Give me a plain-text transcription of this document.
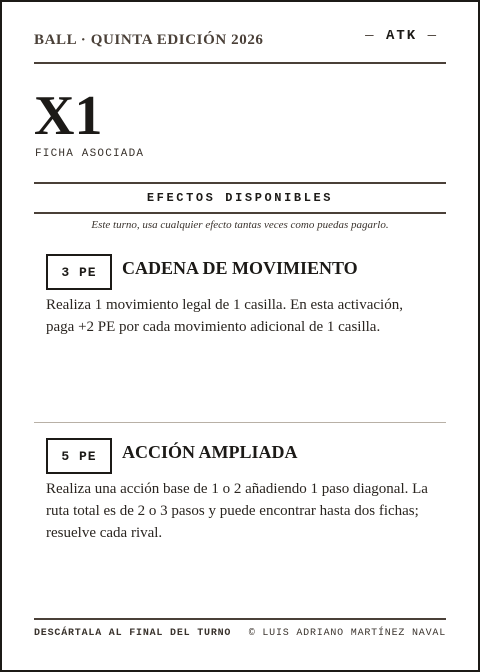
BALL · QUINTA EDICIÓN 2026	— ATK —
X1
FICHA ASOCIADA
EFECTOS DISPONIBLES
Este turno, usa cualquier efecto tantas veces como puedas pagarlo.
3 PE	CADENA DE MOVIMIENTO
Realiza 1 movimiento legal de 1 casilla. En esta activación, paga +2 PE por cada movimiento adicional de 1 casilla.
5 PE	ACCIÓN AMPLIADA
Realiza una acción base de 1 o 2 añadiendo 1 paso diagonal. La ruta total es de 2 o 3 pasos y puede encontrar hasta dos fichas; resuelve cada rival.
DESCÁRTALA AL FINAL DEL TURNO © LUIS ADRIANO MARTÍNEZ NAVAL
